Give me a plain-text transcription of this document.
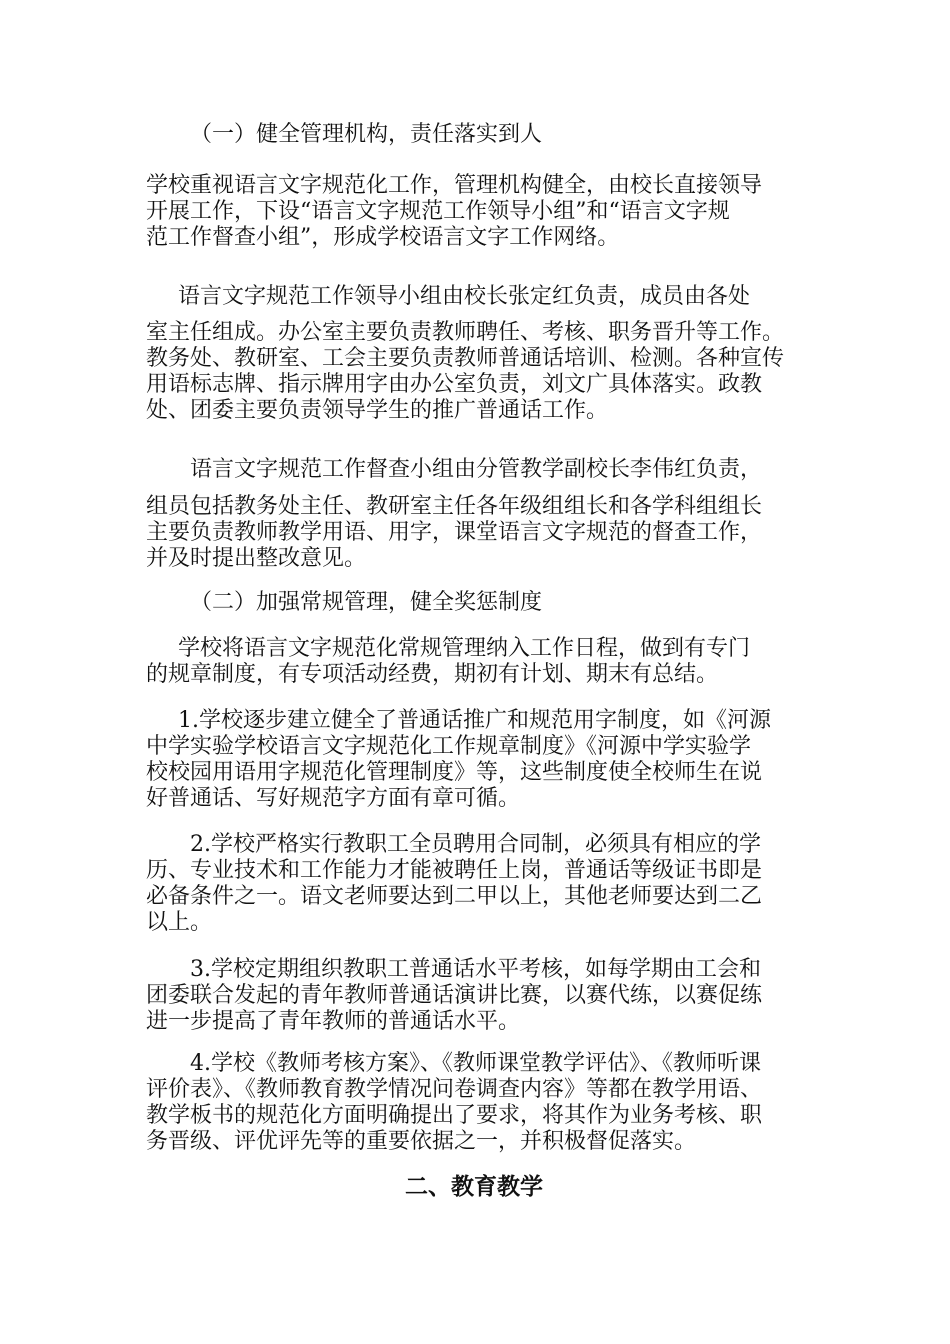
（一）健全管理机构，责任落实到人
学校重视语言文字规范化工作，管理机构健全，由校长直接领导
开展工作，下设“语言文字规范工作领导小组”和“语言文字规
范工作督查小组”，形成学校语言文字工作网络。
语言文字规范工作领导小组由校长张定红负责，成员由各处
室主任组成。办公室主要负责教师聘任、考核、职务晋升等工作。
教务处、教研室、工会主要负责教师普通话培训、检测。各种宣传
用语标志牌、指示牌用字由办公室负责，刘文广具体落实。政教
处、团委主要负责领导学生的推广普通话工作。
语言文字规范工作督查小组由分管教学副校长李伟红负责，
组员包括教务处主任、教研室主任各年级组组长和各学科组组长
主要负责教师教学用语、用字，课堂语言文字规范的督查工作，
并及时提出整改意见。
（二）加强常规管理，健全奖惩制度
学校将语言文字规范化常规管理纳入工作日程，做到有专门
的规章制度，有专项活动经费，期初有计划、期末有总结。
1.学校逐步建立健全了普通话推广和规范用字制度，如《河源
中学实验学校语言文字规范化工作规章制度》《河源中学实验学
校校园用语用字规范化管理制度》等，这些制度使全校师生在说
好普通话、写好规范字方面有章可循。
2.学校严格实行教职工全员聘用合同制，必须具有相应的学
历、专业技术和工作能力才能被聘任上岗，普通话等级证书即是
必备条件之一。语文老师要达到二甲以上，其他老师要达到二乙
以上。
3.学校定期组织教职工普通话水平考核，如每学期由工会和
团委联合发起的青年教师普通话演讲比赛，以赛代练，以赛促练
进一步提高了青年教师的普通话水平。
4.学校《教师考核方案》、《教师课堂教学评估》、《教师听课
评价表》、《教师教育教学情况问卷调查内容》等都在教学用语、
教学板书的规范化方面明确提出了要求，将其作为业务考核、职
务晋级、评优评先等的重要依据之一，并积极督促落实。
二、教育教学
